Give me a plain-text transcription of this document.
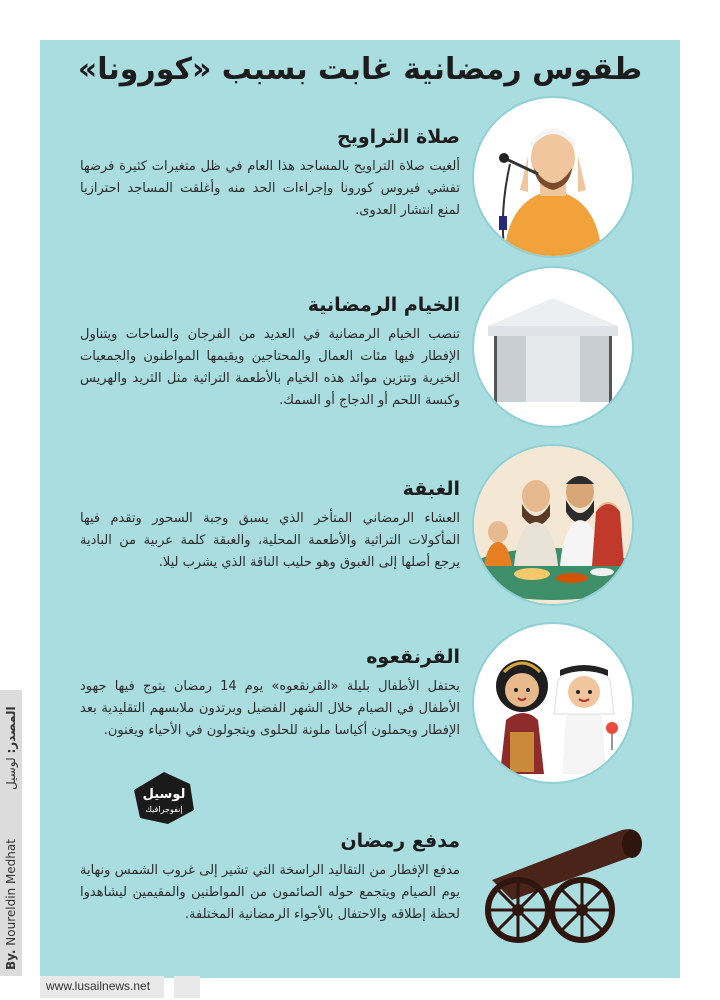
طقوس رمضانية غابت بسبب «كورونا»
صلاة التراويح

ألغيت صلاة التراويح بالمساجد هذا العام في ظل متغيرات كثيرة فرضها تفشي فيروس كورونا وإجراءات الحد منه وأغلقت المساجد احترازيا لمنع انتشار العدوى.

الخيام الرمضانية

تنصب الخيام الرمضانية في العديد من الفرجان والساحات ويتناول الإفطار فيها مئات العمال والمحتاجين ويقيمها المواطنون والجمعيات الخيرية وتتزين موائد هذه الخيام بالأطعمة التراثية مثل الثريد والهريس وكبسة اللحم أو الدجاج أو السمك.

الغبقة

العشاء الرمضاني المتأخر الذي يسبق وجبة السحور وتقدم فيها المأكولات التراثية والأطعمة المحلية، والغبقة كلمة عربية من البادية يرجع أصلها إلى الغبوق وهو حليب الناقة الذي يشرب ليلا.

القرنقعوه

يحتفل الأطفال بليلة «القرنقعوه» يوم 14 رمضان يتوج فيها جهود الأطفال في الصيام خلال الشهر الفضيل ويرتدون ملابسهم التقليدية بعد الإفطار ويحملون أكياسا ملونة للحلوى ويتجولون في الأحياء ويغنون.

مدفع رمضان

مدفع الإفطار من التقاليد الراسخة التي تشير إلى غروب الشمس ونهاية يوم الصيام ويتجمع حوله الصائمون من المواطنين والمقيمين ليشاهدوا لحظة إطلاقه والاحتفال بالأجواء الرمضانية المختلفة.

لوسيل
إنفوجرافيك
المصدر: لوسيل
By. Noureldin Medhat
www.lusailnews.net
